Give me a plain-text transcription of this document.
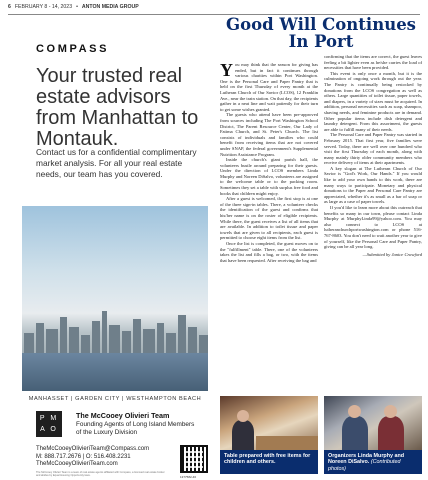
6 FEBRUARY 8 - 14, 2023 • ANTON MEDIA GROUP
COMPASS
Your trusted real estate advisors from Manhattan to Montauk.
Contact us for a confidential complimentary market analysis. For all your real estate needs, our team has you covered.
MANHASSET | GARDEN CITY | WESTHAMPTON BEACH
P M
A O
The McCooey Olivieri Team
Founding Agents of Long Island Members of the Luxury Division
TheMcCooeyOlivieriTeam@Compass.com
M: 888.717.2676 | O: 516.408.2231
TheMcCooeyOlivieriTeam.com
The McCooey Olivieri Team is a team of real estate agents affiliated with Compass, a licensed real estate broker and abides by Equal Housing Opportunity laws.	1377582-46
Good Will Continues In Port
Y ou may think that the season for giving has ended, but in fact it continues through various charities within Port Washington. One is the Personal Care and Paper Pantry that is held on the first Thursday of every month at the Lutheran Church of Our Savior (LCOS), 12 Franklin Ave., near the train station. On that day, the recipients gather in a neat line and wait patiently for their turn to get some wishes granted.

The guests who attend have been pre-approved from sources including The Port Washington School District, The Parent Resource Center, Our Lady of Fatima Church, and St. Peter's Church. The list consists of individuals and families who could benefit from receiving items that are not covered under SNAP, the federal government's Supplemental Nutrition Assistance Program.

Inside the church's giant parish hall, the volunteers bustle around preparing for their guests. Under the direction of LCOS members Linda Murphy and Noreen DiSalvo, volunteers are assigned to the welcome table or to the packing room. Sometimes they set a table with surplus free food and books that children might enjoy.

After a guest is welcomed, the first stop is at one of the three sign-in tables. There, a volunteer checks the identification of the guest and confirms that his/her name is on the roster of eligible recipients. While there, the guest receives a list of all items that are available. In addition to toilet tissue and paper towels that are given to all recipients, each guest is permitted to choose eight items from the list.

Once the list is completed, the guest moves on to the "fulfillment" table. There, one of the volunteers takes the list and fills a bag, or two, with the items that have been requested. After receiving the bag and

confirming that the items are correct, the guest leaves feeling a bit lighter even as he/she carries the load of necessities that have been provided.

This event is only once a month, but it is the culmination of ongoing work through out the year. The Pantry is continually being restocked by donations from the LCOS congregation as well as others. Large quantities of toilet tissue, paper towels, and diapers, in a variety of sizes must be acquired. In addition, personal necessities such as soap, shampoo, shaving needs, and feminine products are in demand. Other popular items include dish detergent and laundry detergent. From this assortment, the guests are able to fulfill many of their needs.

The Personal Care and Paper Pantry was started in February 2015. That first year, five families were served. Today, there are well over one hundred who visit the first Thursday of each month, along with many mainly thirty older community members who receive delivery of items at their apartments.

A key slogan at The Lutheran Church of Our Savior is "God's Work, Our Hands." If you would like to add your own hands to this work, there are many ways to participate. Monetary and physical donations to the Paper and Personal Care Pantry are appreciated, whether it's as small as a bar of soap or as large as a case of paper towels.

If you'd like to learn more about this outreach that benefits so many in our town, please contact Linda Murphy at MurphyLinda99@yahoo.com. You may also connect to LCOS at lutheranchurchportwashington.com or phone 516-767-8603. You don't need to wait another year to give of yourself, like the Personal Care and Paper Pantry, giving can be all year long.

—Submitted by Janice Crawford
Table prepared with free items for children and others.
Organizers Linda Murphy and Noreen DiSalvo. (Contributed photos)
